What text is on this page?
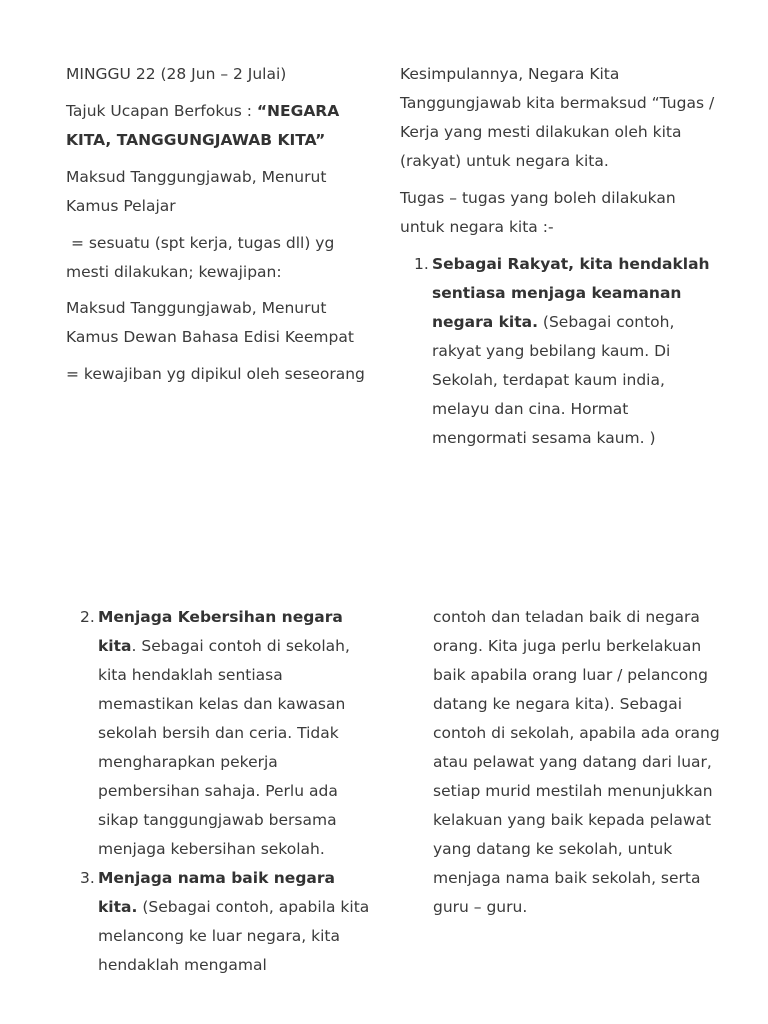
MINGGU 22 (28 Jun – 2 Julai)

Tajuk Ucapan Berfokus : “NEGARA KITA, TANGGUNGJAWAB KITA”

Maksud Tanggungjawab, Menurut Kamus Pelajar

= sesuatu (spt kerja, tugas dll) yg mesti dilakukan; kewajipan:

Maksud Tanggungjawab, Menurut Kamus Dewan Bahasa Edisi Keempat

= kewajiban yg dipikul oleh seseorang

Kesimpulannya, Negara Kita Tanggungjawab kita bermaksud “Tugas / Kerja yang mesti dilakukan oleh kita (rakyat) untuk negara kita.

Tugas – tugas yang boleh dilakukan untuk negara kita :-

1. Sebagai Rakyat, kita hendaklah sentiasa menjaga keamanan negara kita. (Sebagai contoh, rakyat yang bebilang kaum. Di Sekolah, terdapat kaum india, melayu dan cina. Hormat mengormati sesama kaum. )
2. Menjaga Kebersihan negara kita. Sebagai contoh di sekolah, kita hendaklah sentiasa memastikan kelas dan kawasan sekolah bersih dan ceria. Tidak mengharapkan pekerja pembersihan sahaja. Perlu ada sikap tanggungjawab bersama menjaga kebersihan sekolah.
3. Menjaga nama baik negara kita. (Sebagai contoh, apabila kita melancong ke luar negara, kita hendaklah mengamal

contoh dan teladan baik di negara orang. Kita juga perlu berkelakuan baik apabila orang luar / pelancong datang ke negara kita). Sebagai contoh di sekolah, apabila ada orang atau pelawat yang datang dari luar, setiap murid mestilah menunjukkan kelakuan yang baik kepada pelawat yang datang ke sekolah, untuk menjaga nama baik sekolah, serta guru – guru.
